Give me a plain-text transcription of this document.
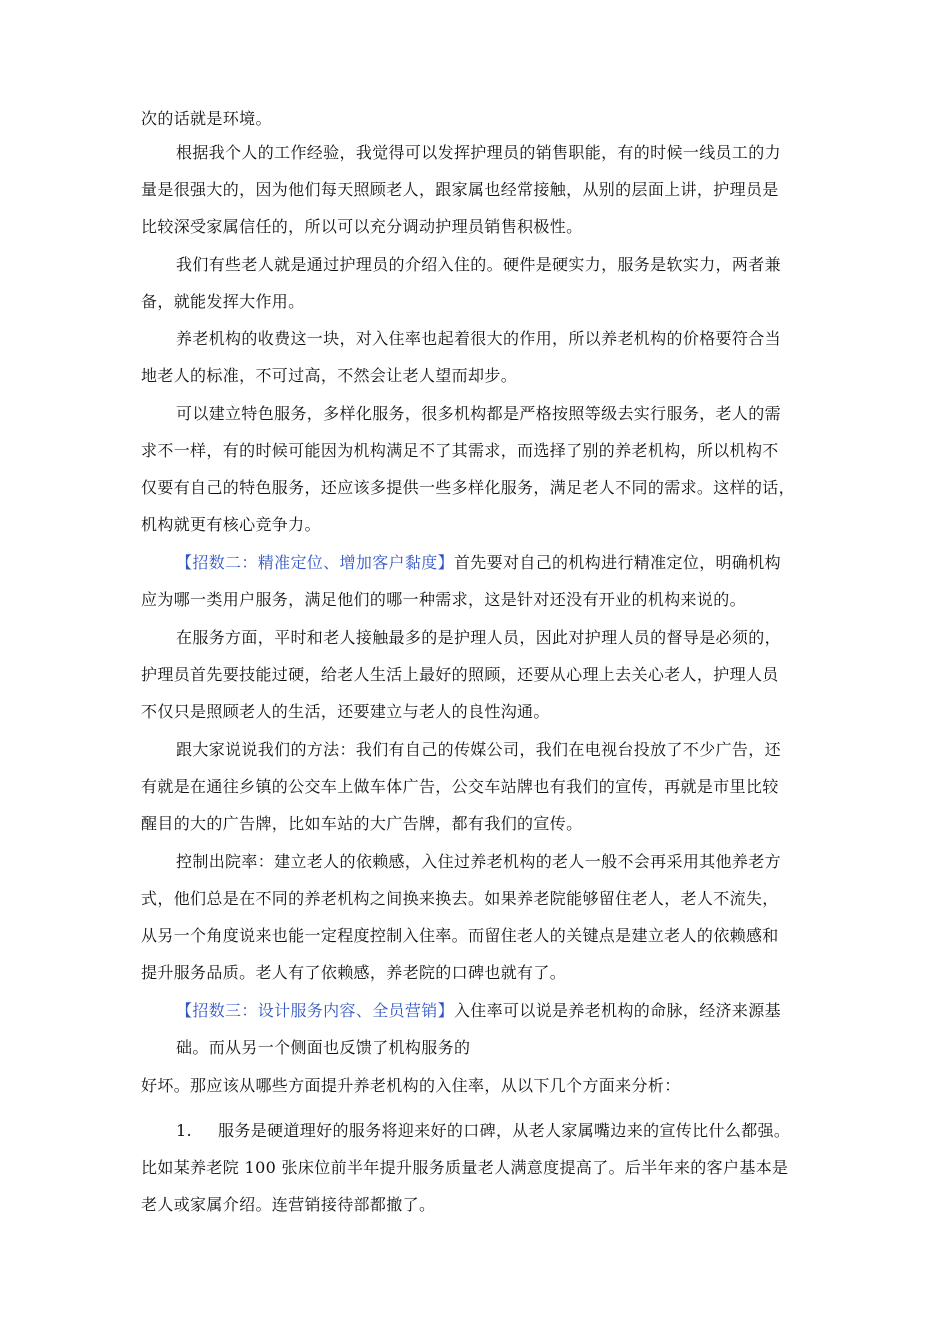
次的话就是环境。
根据我个人的工作经验，我觉得可以发挥护理员的销售职能，有的时候一线员工的力
量是很强大的，因为他们每天照顾老人，跟家属也经常接触，从别的层面上讲，护理员是
比较深受家属信任的，所以可以充分调动护理员销售积极性。
我们有些老人就是通过护理员的介绍入住的。硬件是硬实力，服务是软实力，两者兼
备，就能发挥大作用。
养老机构的收费这一块，对入住率也起着很大的作用，所以养老机构的价格要符合当
地老人的标准，不可过高，不然会让老人望而却步。
可以建立特色服务，多样化服务，很多机构都是严格按照等级去实行服务，老人的需
求不一样，有的时候可能因为机构满足不了其需求，而选择了别的养老机构，所以机构不
仅要有自己的特色服务，还应该多提供一些多样化服务，满足老人不同的需求。这样的话，
机构就更有核心竞争力。
【招数二：精准定位、增加客户黏度】首先要对自己的机构进行精准定位，明确机构
应为哪一类用户服务，满足他们的哪一种需求，这是针对还没有开业的机构来说的。
在服务方面，平时和老人接触最多的是护理人员，因此对护理人员的督导是必须的，
护理员首先要技能过硬，给老人生活上最好的照顾，还要从心理上去关心老人，护理人员
不仅只是照顾老人的生活，还要建立与老人的良性沟通。
跟大家说说我们的方法：我们有自己的传媒公司，我们在电视台投放了不少广告，还
有就是在通往乡镇的公交车上做车体广告，公交车站牌也有我们的宣传，再就是市里比较
醒目的大的广告牌，比如车站的大广告牌，都有我们的宣传。
控制出院率：建立老人的依赖感，入住过养老机构的老人一般不会再采用其他养老方
式，他们总是在不同的养老机构之间换来换去。如果养老院能够留住老人，老人不流失，
从另一个角度说来也能一定程度控制入住率。而留住老人的关键点是建立老人的依赖感和
提升服务品质。老人有了依赖感，养老院的口碑也就有了。
【招数三：设计服务内容、全员营销】入住率可以说是养老机构的命脉，经济来源基
础。而从另一个侧面也反馈了机构服务的
好坏。那应该从哪些方面提升养老机构的入住率，从以下几个方面来分析：
1. 服务是硬道理好的服务将迎来好的口碑，从老人家属嘴边来的宣传比什么都强。
比如某养老院 100 张床位前半年提升服务质量老人满意度提高了。后半年来的客户基本是
老人或家属介绍。连营销接待部都撤了。
